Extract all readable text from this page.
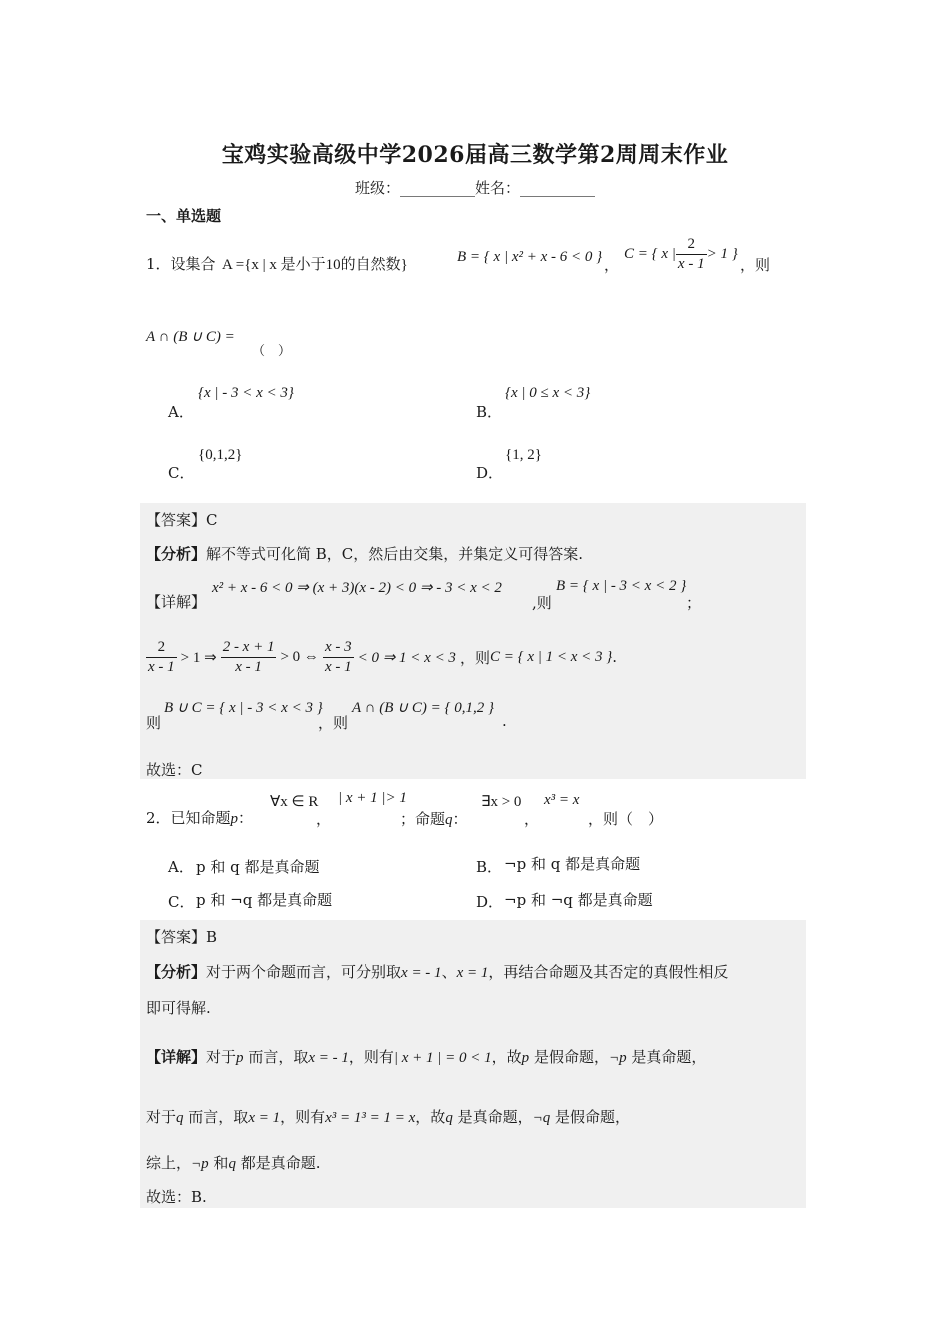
宝鸡实验高级中学2026届高三数学第2周周末作业
班级：__________姓名：__________
一、单选题
1．设集合 A ={x | x 是小于10的自然数}	B = { x | x² + x - 6 < 0 } ，
C = { x | $\frac{2}{x - 1} > 1$ }
，则
A ∩ (B ∪ C) =
（　）
A．
{x | - 3 < x < 3}
B．
{x | 0 ≤ x < 3}
C．
{0,1,2}
D．
{1, 2}
【答案】C
【分析】解不等式可化简 B，C，然后由交集，并集定义可得答案.
【详解】
x² + x - 6 < 0 ⇒ (x + 3)(x - 2) < 0 ⇒ - 3 < x < 2
,则
B = { x | - 3 < x < 2 }
；
$\frac{2}{x - 1} > 1$ ⇒ $\frac{2 - x + 1}{x - 1} > 0$ ⇔ $\frac{x - 3}{x - 1} < 0$ ⇒ 1 < x < 3 ，则 C = { x | 1 < x < 3 } .
则
B ∪ C = { x | - 3 < x < 3 }
，则
A ∩ (B ∪ C) = { 0,1,2 }
.
故选：C
2．已知命题p：
∀x ∈ R
，
| x + 1 |> 1
；命题q：
∃x > 0
，
x³ = x
，则（　）
A． p 和 q 都是真命题	B． ¬p 和 q 都是真命题
C． p 和 ¬q 都是真命题	D． ¬p 和 ¬q 都是真命题
【答案】B
【分析】对于两个命题而言，可分别取x = - 1、x = 1，再结合命题及其否定的真假性相反
即可得解.
【详解】对于p 而言，取x = - 1，则有| x + 1 | = 0 < 1，故p 是假命题，¬p 是真命题，
对于q 而言，取x = 1，则有x³ = 1³ = 1 = x，故q 是真命题，¬q 是假命题，
综上，¬p 和q 都是真命题.
故选：B.
